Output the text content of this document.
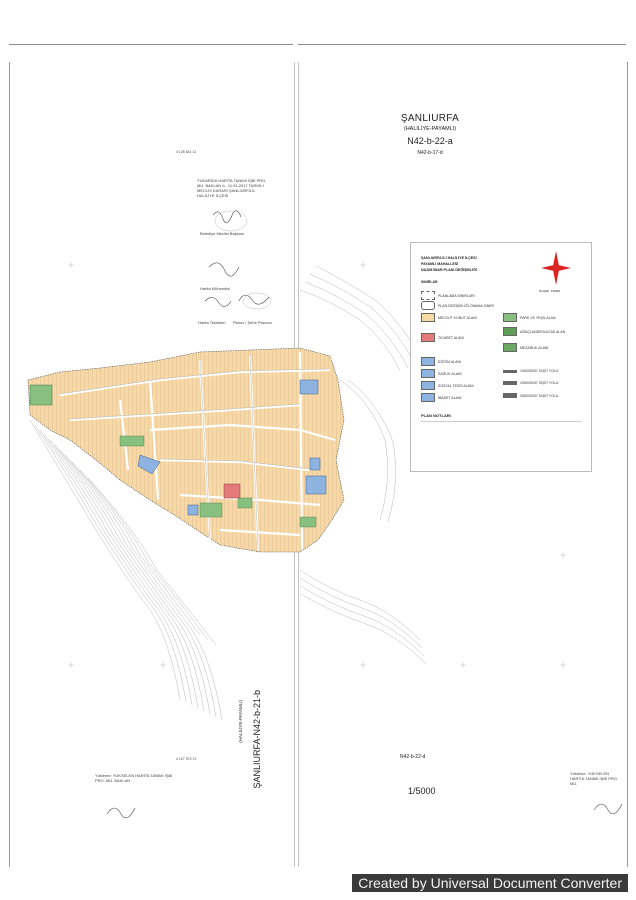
ŞANLIURFA
(HALİLİYE-PAYAMLI)
N42-b-22-a
N42-b-17-d
4 128 641.11
YUKARIDA HARİTA TANIMI İŞBİ PRO. MÜ. BAKLAN İL. 11.01.2017 TARİHLİ MECLİS KARARI ŞANLIURFA İL HALİLİYE İLÇESİ
Belediye Meclisi Başkanı
Harita Mühendisi
Harita Teknikeri Plancı / Şehir Plancısı
ŞANLIURFA İLİ HALİLİYE İLÇESİ
PAYAMLI MAHALLESİ
NAZIM İMAR PLANI DEĞİŞİKLİĞİ
ÖLÇEK: 1/5000
SINIRLAR
PLANLAMA SINIRLARI
PLAN DEĞİŞİKLİĞİ ONAMA SINIRI
MEVCUT KONUT ALANI
TİCARET ALANI
EĞİTİM ALANI
SAĞLIK ALANI
SOSYAL TESİS ALANI
İBADET ALANI
PARK VE YEŞİL ALAN
AĞAÇLANDIRILACAK ALAN
MEZARLIK ALANI
1/50000CE TAŞIT YOLU
2/50000CE TAŞIT YOLU
3/50000CE TAŞIT YOLU
PLAN NOTLARI
N42-b-22-d
1/5000
ŞANLIURFA-N42-b-21-b
(HALİLİYE-PAYAMLI)
4 127 972.72
Yükleme: YÜKSELEN HARİTA TANIMI İŞBİ PRO. MÜ. BAKLAN
Yükleme: YÜKSELEN HARİTA TANIMI İŞBİ PRO. MÜ.
Created by Universal Document Converter
